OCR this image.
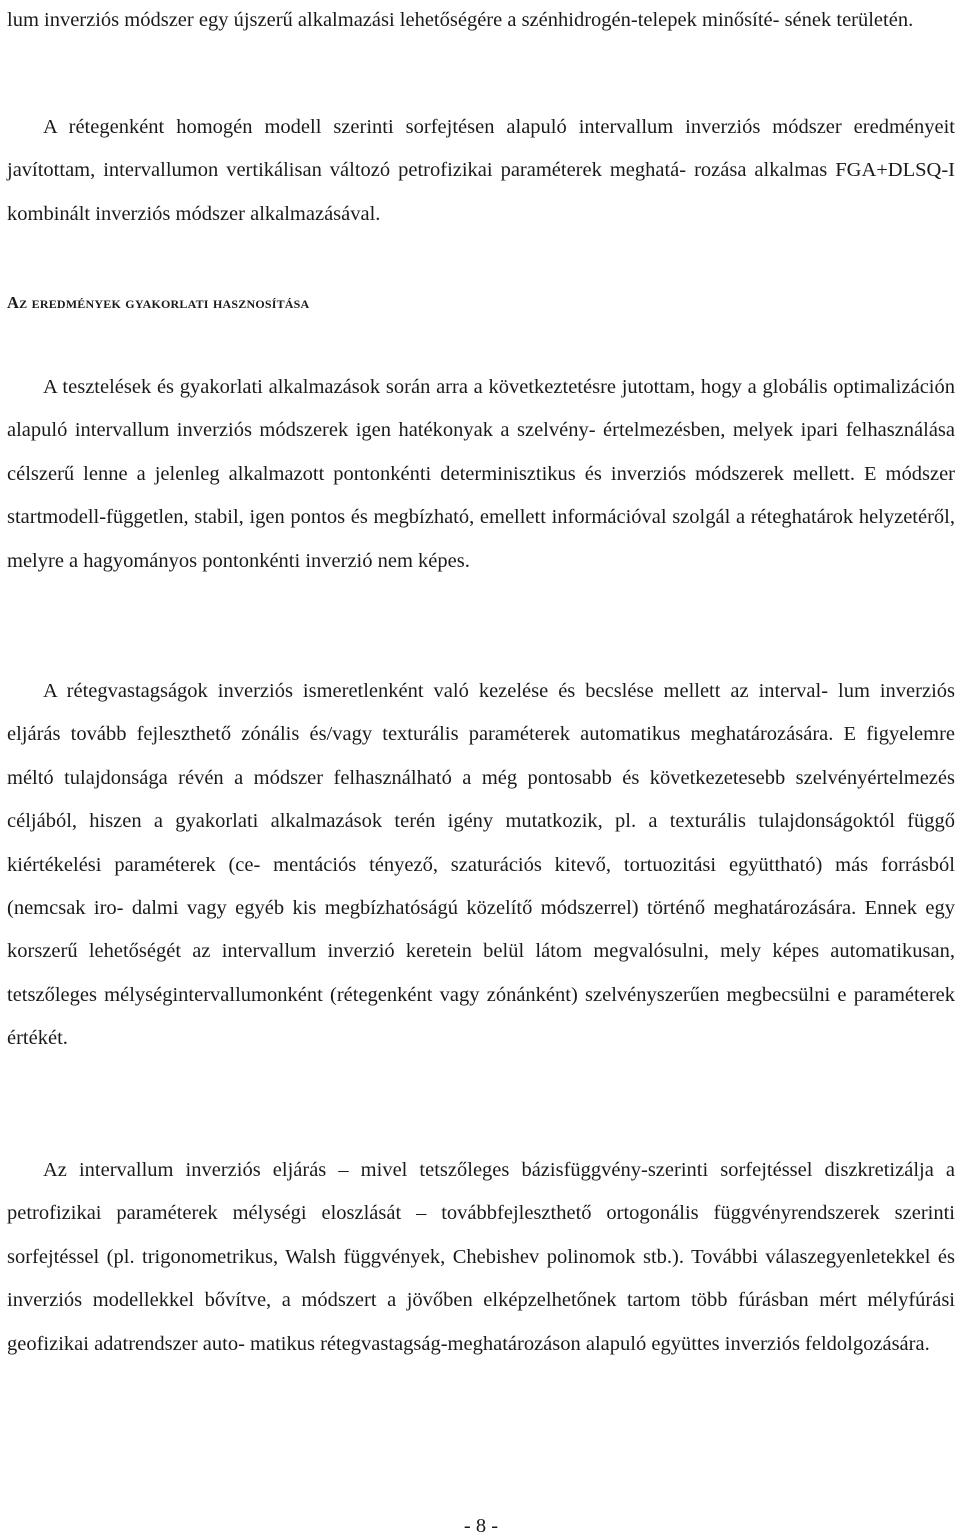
lum inverziós módszer egy újszerű alkalmazási lehetőségére a szénhidrogén-telepek minősíté- sének területén.

A rétegenként homogén modell szerinti sorfejtésen alapuló intervallum inverziós módszer eredményeit javítottam, intervallumon vertikálisan változó petrofizikai paraméterek meghatá- rozása alkalmas FGA+DLSQ-I kombinált inverziós módszer alkalmazásával.

Az eredmények gyakorlati hasznosítása

A tesztelések és gyakorlati alkalmazások során arra a következtetésre jutottam, hogy a globális optimalizáción alapuló intervallum inverziós módszerek igen hatékonyak a szelvény- értelmezésben, melyek ipari felhasználása célszerű lenne a jelenleg alkalmazott pontonkénti determinisztikus és inverziós módszerek mellett. E módszer startmodell-független, stabil, igen pontos és megbízható, emellett információval szolgál a réteghatárok helyzetéről, melyre a hagyományos pontonkénti inverzió nem képes.

A rétegvastagságok inverziós ismeretlenként való kezelése és becslése mellett az interval- lum inverziós eljárás tovább fejleszthető zónális és/vagy texturális paraméterek automatikus meghatározására. E figyelemre méltó tulajdonsága révén a módszer felhasználható a még pontosabb és következetesebb szelvényértelmezés céljából, hiszen a gyakorlati alkalmazások terén igény mutatkozik, pl. a texturális tulajdonságoktól függő kiértékelési paraméterek (ce- mentációs tényező, szaturációs kitevő, tortuozitási együttható) más forrásból (nemcsak iro- dalmi vagy egyéb kis megbízhatóságú közelítő módszerrel) történő meghatározására. Ennek egy korszerű lehetőségét az intervallum inverzió keretein belül látom megvalósulni, mely képes automatikusan, tetszőleges mélységintervallumonként (rétegenként vagy zónánként) szelvényszerűen megbecsülni e paraméterek értékét.

Az intervallum inverziós eljárás – mivel tetszőleges bázisfüggvény-szerinti sorfejtéssel diszkretizálja a petrofizikai paraméterek mélységi eloszlását – továbbfejleszthető ortogonális függvényrendszerek szerinti sorfejtéssel (pl. trigonometrikus, Walsh függvények, Chebishev polinomok stb.). További válaszegyenletekkel és inverziós modellekkel bővítve, a módszert a jövőben elképzelhetőnek tartom több fúrásban mért mélyfúrási geofizikai adatrendszer auto- matikus rétegvastagság-meghatározáson alapuló együttes inverziós feldolgozására.

- 8 -
